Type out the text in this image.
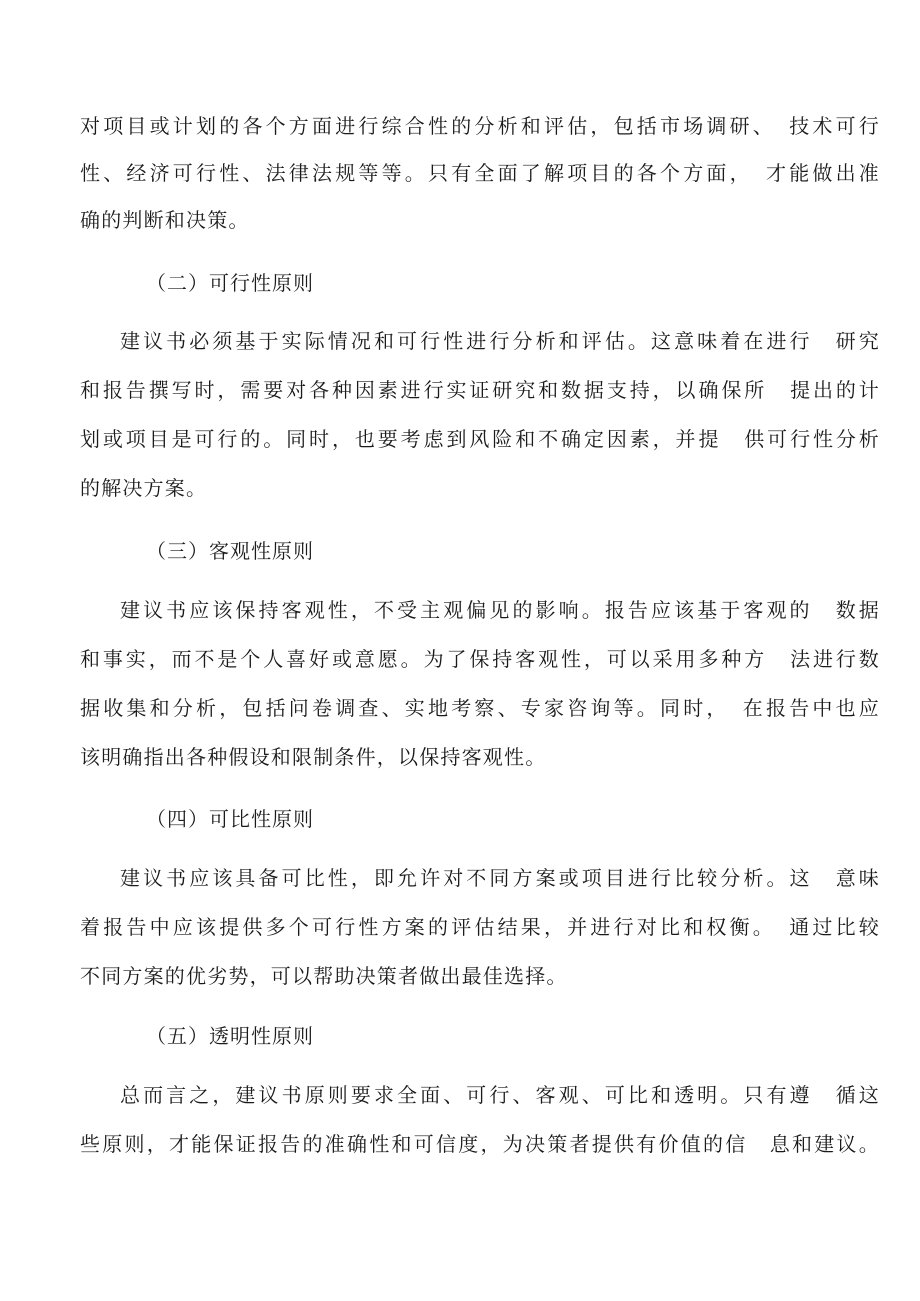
对项目或计划的各个方面进行综合性的分析和评估，包括市场调研、　技术可行
性、经济可行性、法律法规等等。只有全面了解项目的各个方面，　才能做出准
确的判断和决策。
（二）可行性原则
建议书必须基于实际情况和可行性进行分析和评估。这意味着在进行　研究
和报告撰写时，需要对各种因素进行实证研究和数据支持，以确保所　提出的计
划或项目是可行的。同时，也要考虑到风险和不确定因素，并提　供可行性分析
的解决方案。
（三）客观性原则
建议书应该保持客观性，不受主观偏见的影响。报告应该基于客观的　数据
和事实，而不是个人喜好或意愿。为了保持客观性，可以采用多种方　法进行数
据收集和分析，包括问卷调查、实地考察、专家咨询等。同时，　在报告中也应
该明确指出各种假设和限制条件，以保持客观性。
（四）可比性原则
建议书应该具备可比性，即允许对不同方案或项目进行比较分析。这　意味
着报告中应该提供多个可行性方案的评估结果，并进行对比和权衡。　通过比较
不同方案的优劣势，可以帮助决策者做出最佳选择。
（五）透明性原则
总而言之，建议书原则要求全面、可行、客观、可比和透明。只有遵　循这
些原则，才能保证报告的准确性和可信度，为决策者提供有价值的信　息和建议。
